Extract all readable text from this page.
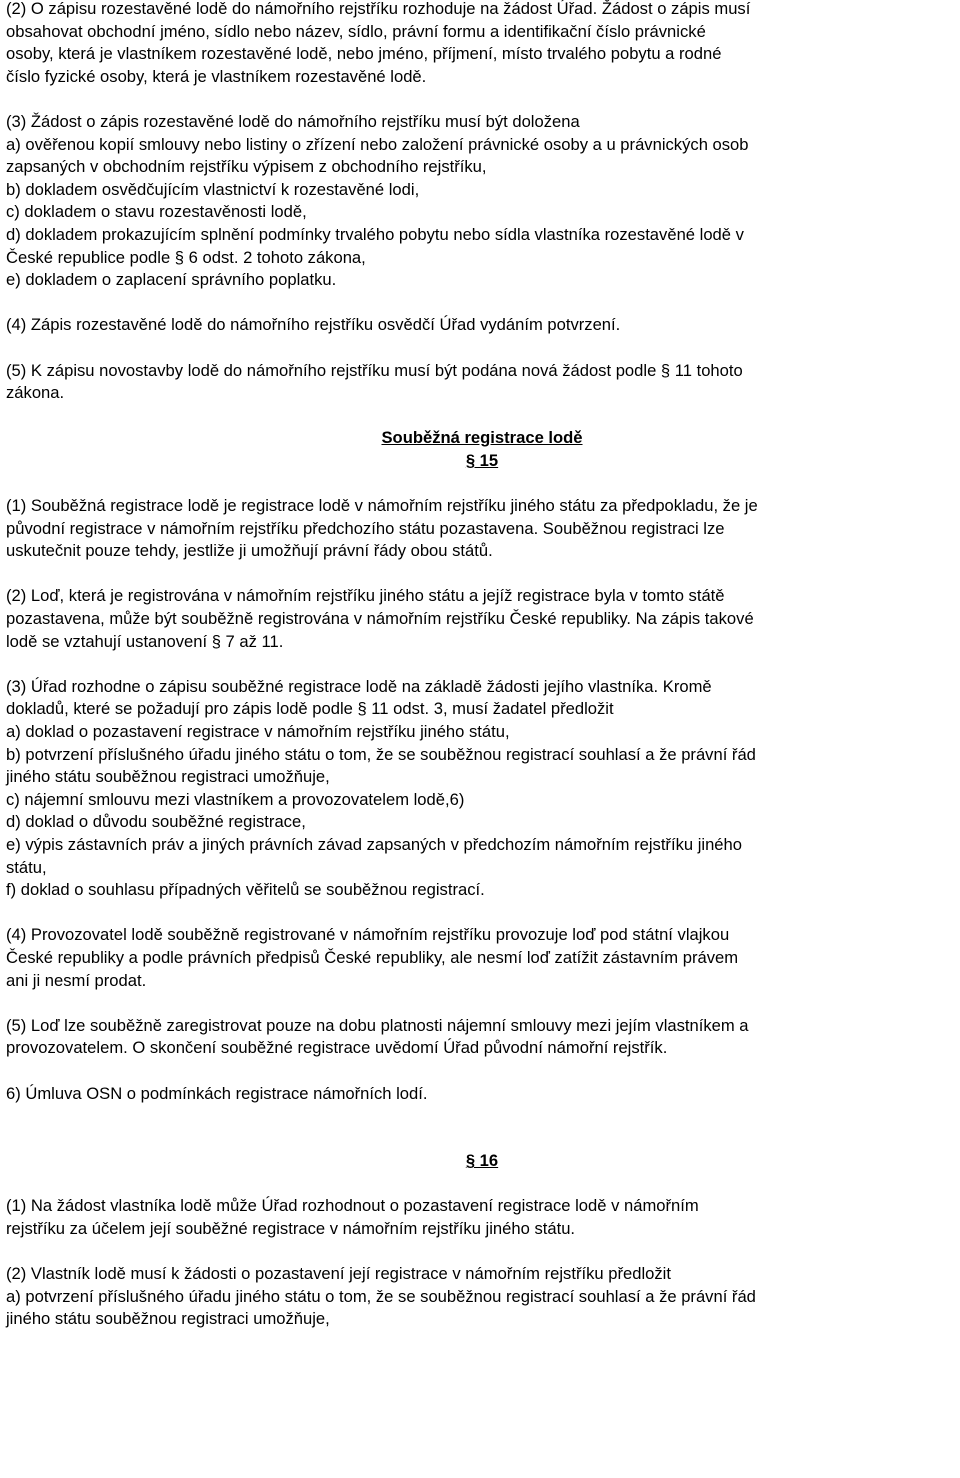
(2) O zápisu rozestavěné lodě do námořního rejstříku rozhoduje na žádost Úřad. Žádost o zápis musí
obsahovat obchodní jméno, sídlo nebo název, sídlo, právní formu a identifikační číslo právnické
osoby, která je vlastníkem rozestavěné lodě, nebo jméno, příjmení, místo trvalého pobytu a rodné
číslo fyzické osoby, která je vlastníkem rozestavěné lodě.

(3) Žádost o zápis rozestavěné lodě do námořního rejstříku musí být doložena
a) ověřenou kopií smlouvy nebo listiny o zřízení nebo založení právnické osoby a u právnických osob
zapsaných v obchodním rejstříku výpisem z obchodního rejstříku,
b) dokladem osvědčujícím vlastnictví k rozestavěné lodi,
c) dokladem o stavu rozestavěnosti lodě,
d) dokladem prokazujícím splnění podmínky trvalého pobytu nebo sídla vlastníka rozestavěné lodě v
České republice podle § 6 odst. 2 tohoto zákona,
e) dokladem o zaplacení správního poplatku.

(4) Zápis rozestavěné lodě do námořního rejstříku osvědčí Úřad vydáním potvrzení.

(5) K zápisu novostavby lodě do námořního rejstříku musí být podána nová žádost podle § 11 tohoto
zákona.

Souběžná registrace lodě
§ 15

(1) Souběžná registrace lodě je registrace lodě v námořním rejstříku jiného státu za předpokladu, že je
původní registrace v námořním rejstříku předchozího státu pozastavena. Souběžnou registraci lze
uskutečnit pouze tehdy, jestliže ji umožňují právní řády obou států.

(2) Loď, která je registrována v námořním rejstříku jiného státu a jejíž registrace byla v tomto státě
pozastavena, může být souběžně registrována v námořním rejstříku České republiky. Na zápis takové
lodě se vztahují ustanovení § 7 až 11.

(3) Úřad rozhodne o zápisu souběžné registrace lodě na základě žádosti jejího vlastníka. Kromě
dokladů, které se požadují pro zápis lodě podle § 11 odst. 3, musí žadatel předložit
a) doklad o pozastavení registrace v námořním rejstříku jiného státu,
b) potvrzení příslušného úřadu jiného státu o tom, že se souběžnou registrací souhlasí a že právní řád
jiného státu souběžnou registraci umožňuje,
c) nájemní smlouvu mezi vlastníkem a provozovatelem lodě,6)
d) doklad o důvodu souběžné registrace,
e) výpis zástavních práv a jiných právních závad zapsaných v předchozím námořním rejstříku jiného
státu,
f) doklad o souhlasu případných věřitelů se souběžnou registrací.

(4) Provozovatel lodě souběžně registrované v námořním rejstříku provozuje loď pod státní vlajkou
České republiky a podle právních předpisů České republiky, ale nesmí loď zatížit zástavním právem
ani ji nesmí prodat.

(5) Loď lze souběžně zaregistrovat pouze na dobu platnosti nájemní smlouvy mezi jejím vlastníkem a
provozovatelem. O skončení souběžné registrace uvědomí Úřad původní námořní rejstřík.

6) Úmluva OSN o podmínkách registrace námořních lodí.

§ 16

(1) Na žádost vlastníka lodě může Úřad rozhodnout o pozastavení registrace lodě v námořním
rejstříku za účelem její souběžné registrace v námořním rejstříku jiného státu.

(2) Vlastník lodě musí k žádosti o pozastavení její registrace v námořním rejstříku předložit
a) potvrzení příslušného úřadu jiného státu o tom, že se souběžnou registrací souhlasí a že právní řád
jiného státu souběžnou registraci umožňuje,
